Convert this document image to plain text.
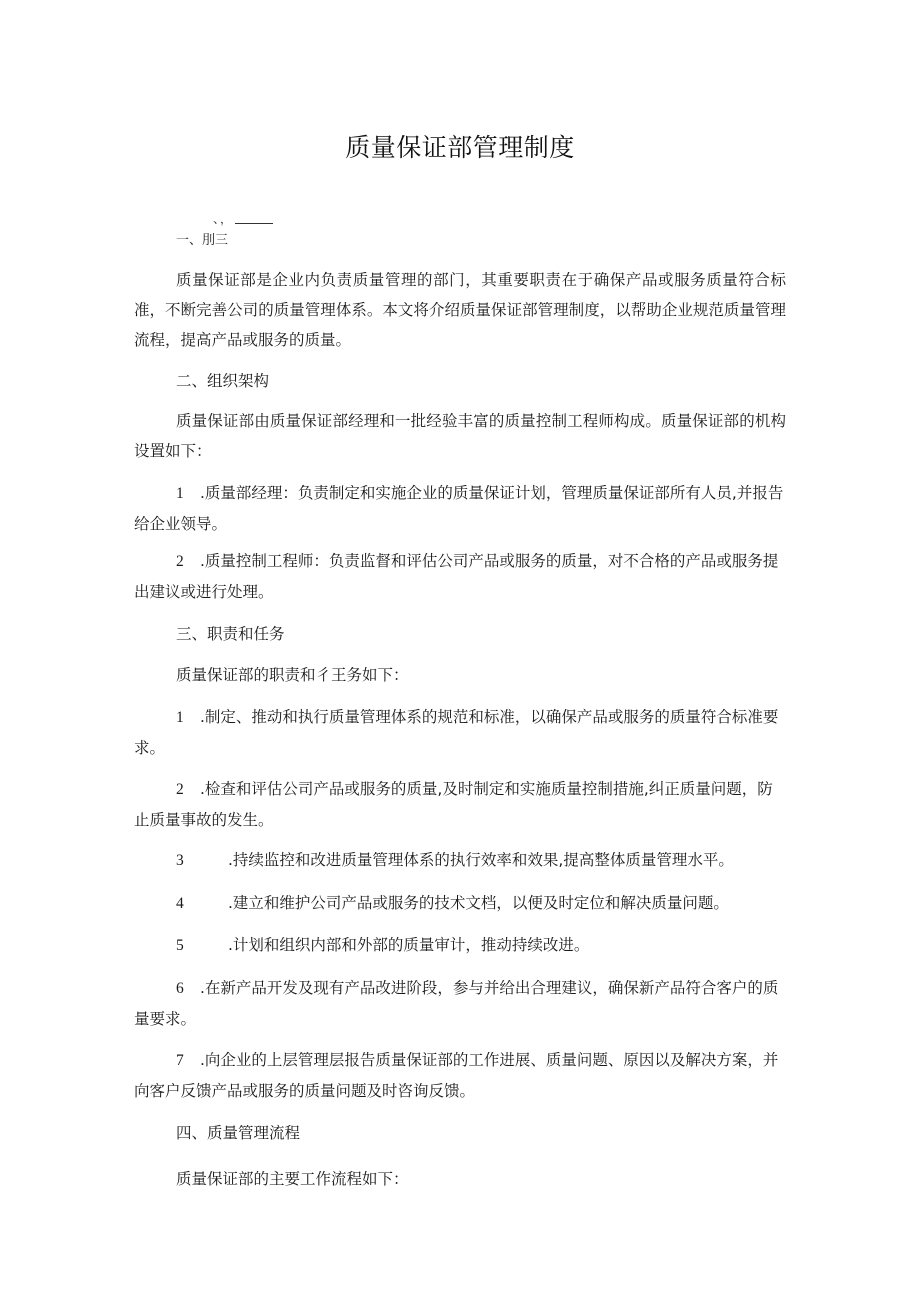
质量保证部管理制度
、，
一、刖三
质量保证部是企业内负责质量管理的部门，其重要职责在于确保产品或服务质量符合标准，不断完善公司的质量管理体系。本文将介绍质量保证部管理制度，以帮助企业规范质量管理流程，提高产品或服务的质量。
二、组织架构
质量保证部由质量保证部经理和一批经验丰富的质量控制工程师构成。质量保证部的机构设置如下：
1 .质量部经理：负责制定和实施企业的质量保证计划，管理质量保证部所有人员,并报告给企业领导。
2 .质量控制工程师：负责监督和评估公司产品或服务的质量，对不合格的产品或服务提出建议或进行处理。
三、职责和任务
质量保证部的职责和彳王务如下：
1 .制定、推动和执行质量管理体系的规范和标准，以确保产品或服务的质量符合标准要求。
2 .检查和评估公司产品或服务的质量,及时制定和实施质量控制措施,纠正质量问题，防止质量事故的发生。
3	.持续监控和改进质量管理体系的执行效率和效果,提高整体质量管理水平。
4	.建立和维护公司产品或服务的技术文档，以便及时定位和解决质量问题。
5	.计划和组织内部和外部的质量审计，推动持续改进。
6 .在新产品开发及现有产品改进阶段，参与并给出合理建议，确保新产品符合客户的质量要求。
7 .向企业的上层管理层报告质量保证部的工作进展、质量问题、原因以及解决方案，并向客户反馈产品或服务的质量问题及时咨询反馈。
四、质量管理流程
质量保证部的主要工作流程如下：
